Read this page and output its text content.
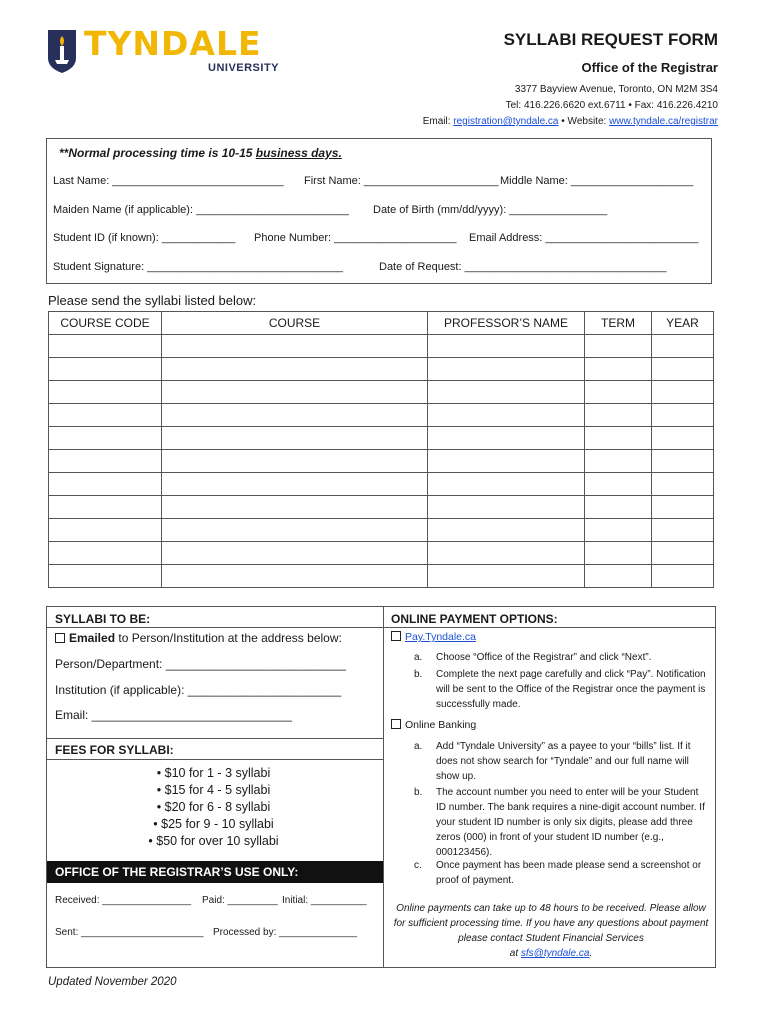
TYNDALE
UNIVERSITY
SYLLABI REQUEST FORM
Office of the Registrar
3377 Bayview Avenue, Toronto, ON M2M 3S4
Tel: 416.226.6620 ext.6711 • Fax: 416.226.4210
Email: registration@tyndale.ca • Website: www.tyndale.ca/registrar
**Normal processing time is 10-15 business days.
Last Name: ____________________________ First Name: ______________________ Middle Name: ____________________
Maiden Name (if applicable): _________________________ Date of Birth (mm/dd/yyyy): ________________
Student ID (if known): ____________ Phone Number: ____________________ Email Address: _________________________
Student Signature: ________________________________	Date of Request: _________________________________
Please send the syllabi listed below:
COURSE CODE	COURSE	PROFESSOR’S NAME	TERM	YEAR

SYLLABI TO BE:
Emailed to Person/Institution at the address below:
Person/Department: ___________________________
Institution (if applicable): _______________________
Email: ______________________________
FEES FOR SYLLABI:
• $10 for 1 - 3 syllabi
• $15 for 4 - 5 syllabi
• $20 for 6 - 8 syllabi
• $25 for 9 - 10 syllabi
• $50 for over 10 syllabi
OFFICE OF THE REGISTRAR’S USE ONLY:
Received: ________________ Paid: _________ Initial: __________
Sent: ______________________ Processed by: ______________
ONLINE PAYMENT OPTIONS:
Pay.Tyndale.ca
a. Choose “Office of the Registrar” and click “Next”.
b. Complete the next page carefully and click “Pay”. Notification will be sent to the Office of the Registrar once the payment is successfully made.
Online Banking
a. Add “Tyndale University” as a payee to your “bills” list. If it does not show search for “Tyndale” and our full name will show up.
b. The account number you need to enter will be your Student ID number. The bank requires a nine-digit account number. If your student ID number is only six digits, please add three zeros (000) in front of your student ID number (e.g., 000123456).
c. Once payment has been made please send a screenshot or proof of payment.
Online payments can take up to 48 hours to be received. Please allow for sufficient processing time. If you have any questions about payment please contact Student Financial Services
at sfs@tyndale.ca.
Updated November 2020
